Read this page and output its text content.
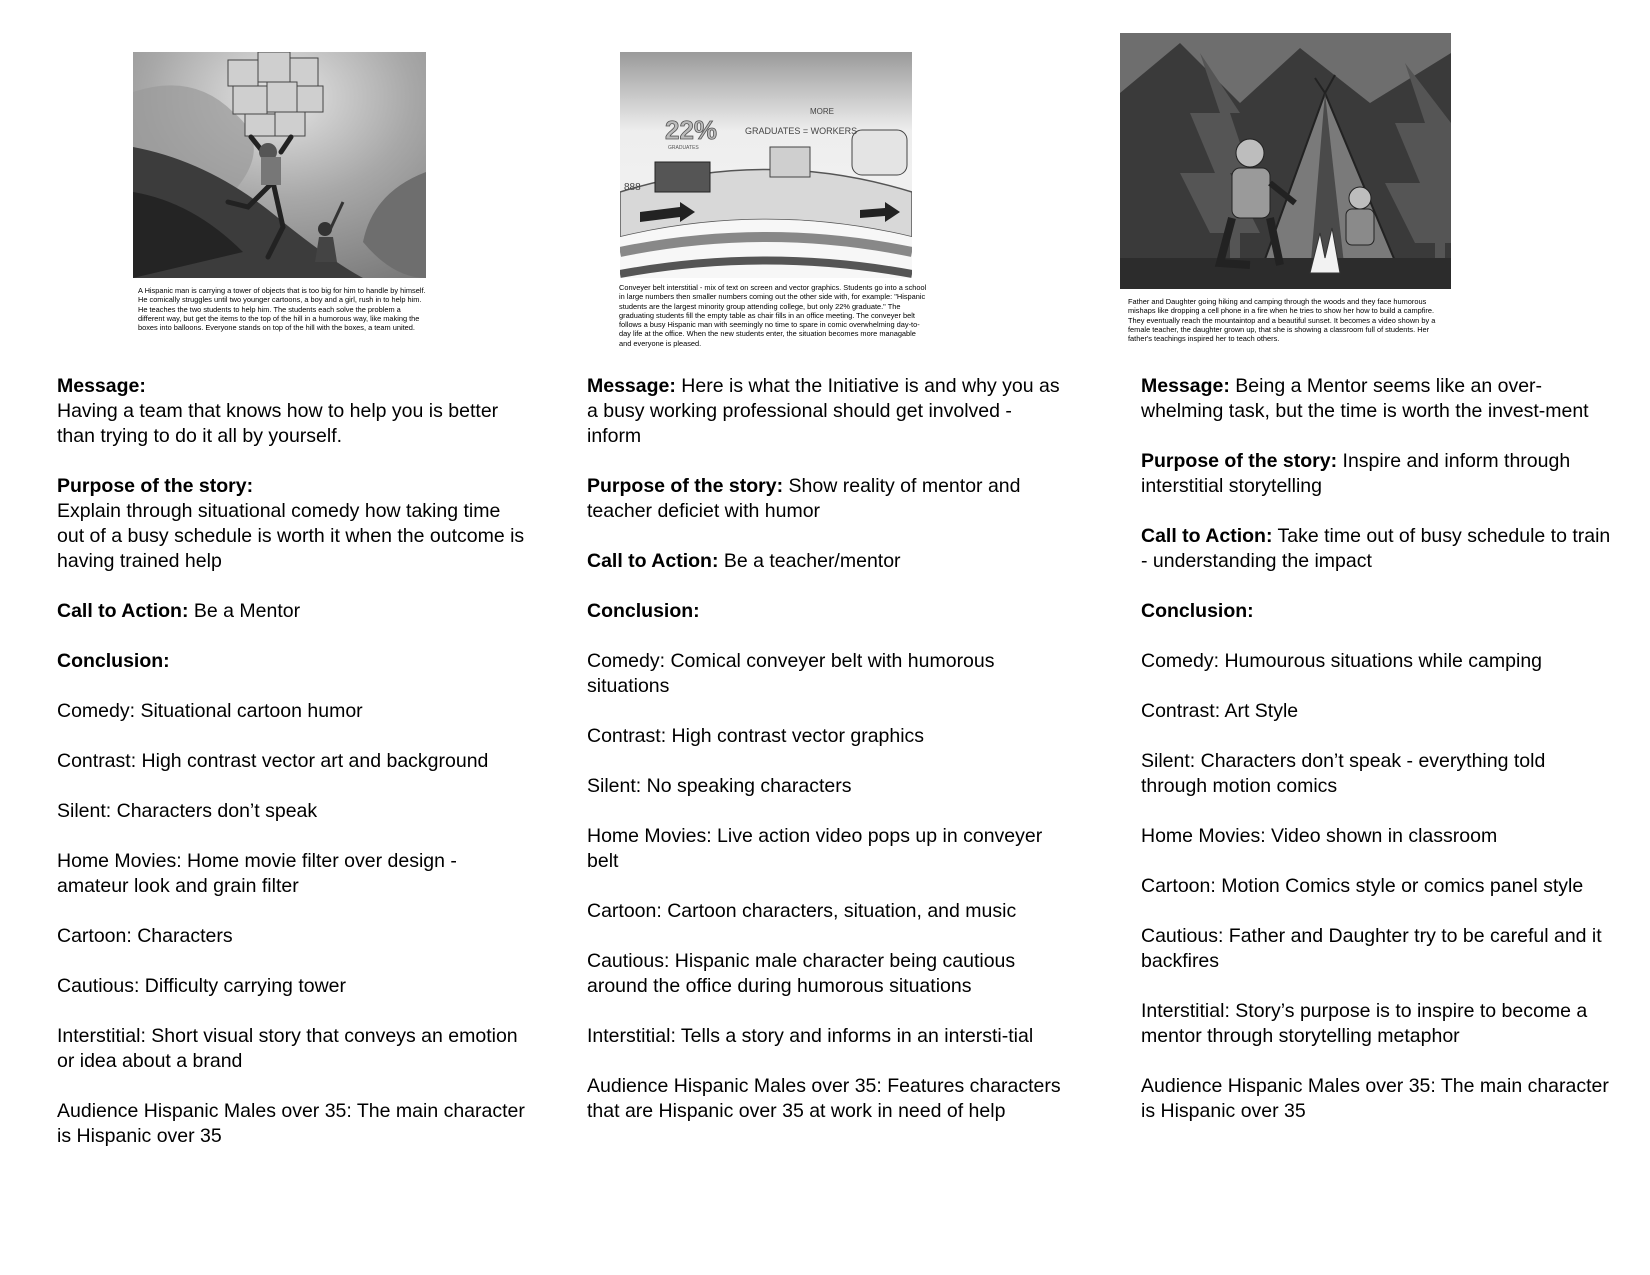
A Hispanic man is carrying a tower of objects that is too big for him to handle by himself. He comically struggles until two younger cartoons, a boy and a girl, rush in to help him. He teaches the two students to help him. The students each solve the problem a different way, but get the items to the top of the hill in a humorous way, like making the boxes into balloons. Everyone stands on top of the hill with the boxes, a team united.

Message:
Having a team that knows how to help you is better than trying to do it all by yourself.

Purpose of the story:
Explain through situational comedy how taking time out of a busy schedule is worth it when the outcome is having trained help

Call to Action: Be a Mentor

Conclusion:

Comedy: Situational cartoon humor

Contrast: High contrast vector art and background

Silent: Characters don’t speak

Home Movies: Home movie filter over design - amateur look and grain filter

Cartoon: Characters

Cautious: Difficulty carrying tower

Interstitial: Short visual story that conveys an emotion or idea about a brand

Audience Hispanic Males over 35: The main character is Hispanic over 35

22%
GRADUATES
MORE
GRADUATES = WORKERS
888
Conveyer belt interstitial - mix of text on screen and vector graphics. Students go into a school in large numbers then smaller numbers coming out the other side with, for example: "Hispanic students are the largest minority group attending college, but only 22% graduate." The graduating students fill the empty table as chair fills in an office meeting. The conveyer belt follows a busy Hispanic man with seemingly no time to spare in comic overwhelming day-to-day life at the office. When the new students enter, the situation becomes more managable and everyone is pleased.

Message: Here is what the Initiative is and why you as a busy working professional should get involved - inform

Purpose of the story: Show reality of mentor and teacher deficiet with humor

Call to Action: Be a teacher/mentor

Conclusion:

Comedy: Comical conveyer belt with humorous situations

Contrast: High contrast vector graphics

Silent: No speaking characters

Home Movies: Live action video pops up in conveyer belt

Cartoon: Cartoon characters, situation, and music

Cautious: Hispanic male character being cautious around the office during humorous situations

Interstitial: Tells a story and informs in an intersti-tial

Audience Hispanic Males over 35: Features characters that are Hispanic over 35 at work in need of help

Father and Daughter going hiking and camping through the woods and they face humorous mishaps like dropping a cell phone in a fire when he tries to show her how to build a campfire. They eventually reach the mountaintop and a beautiful sunset. It becomes a video shown by a female teacher, the daughter grown up, that she is showing a classroom full of students. Her father's teachings inspired her to teach others.

Message: Being a Mentor seems like an over-whelming task, but the time is worth the invest-ment

Purpose of the story: Inspire and inform through interstitial storytelling

Call to Action: Take time out of busy schedule to train - understanding the impact

Conclusion:

Comedy: Humourous situations while camping

Contrast: Art Style

Silent: Characters don’t speak - everything told through motion comics

Home Movies: Video shown in classroom

Cartoon: Motion Comics style or comics panel style

Cautious: Father and Daughter try to be careful and it backfires

Interstitial: Story’s purpose is to inspire to become a mentor through storytelling metaphor

Audience Hispanic Males over 35: The main character is Hispanic over 35
